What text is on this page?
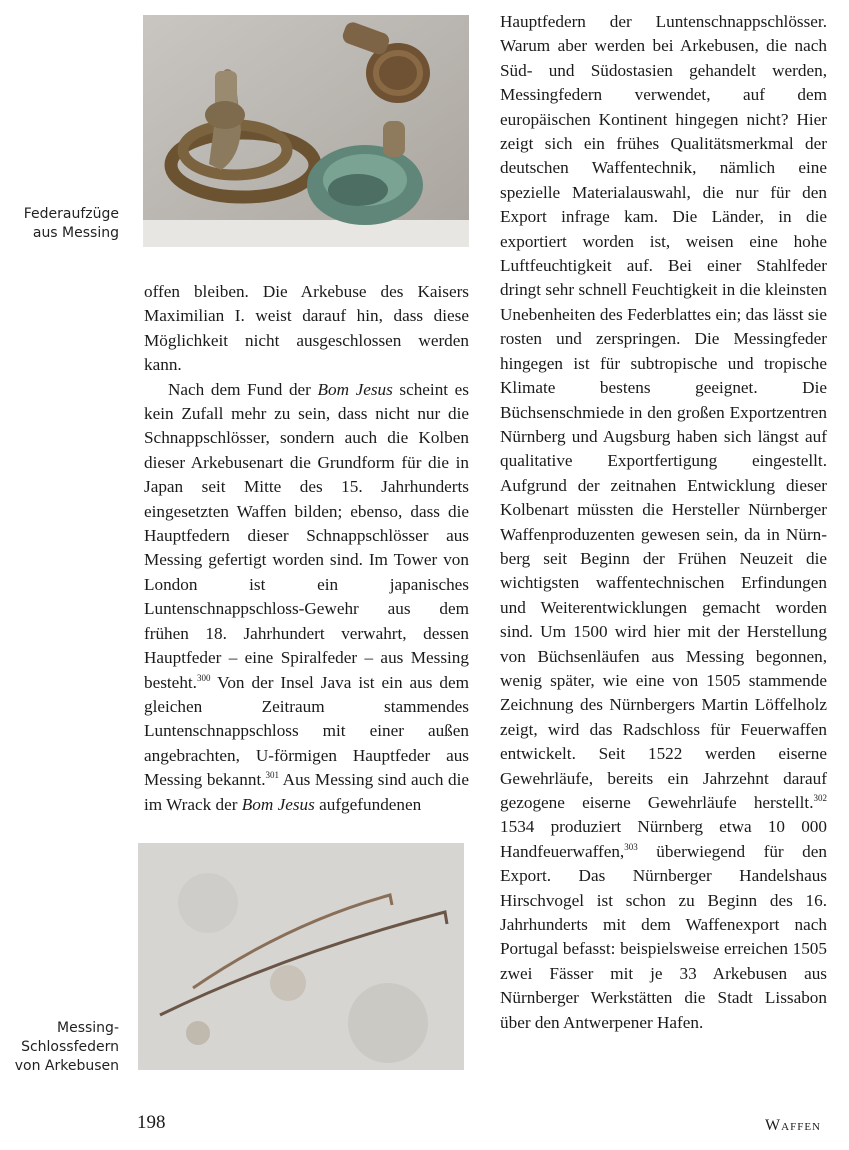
Federaufzüge
aus Messing

offen bleiben. Die Arkebuse des Kaisers Maximilian I. weist darauf hin, dass diese Möglichkeit nicht ausgeschlossen werden kann.

Nach dem Fund der Bom Jesus scheint es kein Zufall mehr zu sein, dass nicht nur die Schnappschlösser, sondern auch die Kolben dieser Arkebusenart die Grundform für die in Japan seit Mitte des 15. Jahrhunderts eingesetzten Waffen bilden; ebenso, dass die Hauptfedern dieser Schnappschlösser aus Messing gefertigt worden sind. Im Tower von London ist ein japanisches Luntenschnappschloss-Gewehr aus dem frühen 18. Jahrhundert verwahrt, dessen Hauptfeder – eine Spiralfeder – aus Messing besteht.$^{300}$ Von der Insel Java ist ein aus dem gleichen Zeitraum stammendes Luntenschnappschloss mit einer außen angebrachten, U-förmigen Hauptfeder aus Messing bekannt.$^{301}$ Aus Messing sind auch die im Wrack der Bom Jesus aufgefundenen

Messing-
Schlossfedern
von Arkebusen

Hauptfedern der Luntenschnappschlösser. Warum aber werden bei Arkebusen, die nach Süd- und Südostasien gehandelt werden, Messingfedern verwendet, auf dem europäischen Kontinent hingegen nicht? Hier zeigt sich ein frühes Qualitätsmerkmal der deutschen Waffentechnik, nämlich eine spezielle Materialauswahl, die nur für den Export infrage kam. Die Länder, in die exportiert worden ist, weisen eine hohe Luftfeuchtigkeit auf. Bei einer Stahlfeder dringt sehr schnell Feuchtigkeit in die kleinsten Unebenheiten des Federblattes ein; das lässt sie rosten und zerspringen. Die Messingfeder hingegen ist für subtropische und tropische Klimate bestens geeignet. Die Büchsenschmiede in den großen Exportzentren Nürnberg und Augsburg haben sich längst auf qualitative Exportfertigung eingestellt. Aufgrund der zeitnahen Entwicklung dieser Kolbenart müssten die Hersteller Nürnberger Waffenproduzenten gewesen sein, da in Nürnberg seit Beginn der Frühen Neuzeit die wichtigsten waffentechnischen Erfindungen und Weiterentwicklungen gemacht worden sind. Um 1500 wird hier mit der Herstellung von Büchsenläufen aus Messing begonnen, wenig später, wie eine von 1505 stammende Zeichnung des Nürnbergers Martin Löffelholz zeigt, wird das Radschloss für Feuerwaffen entwickelt. Seit 1522 werden eiserne Gewehrläufe, bereits ein Jahrzehnt darauf gezogene eiserne Gewehrläufe herstellt.$^{302}$ 1534 produziert Nürnberg etwa 10 000 Handfeuerwaffen,$^{303}$ überwiegend für den Export. Das Nürnberger Handelshaus Hirschvogel ist schon zu Beginn des 16. Jahrhunderts mit dem Waffenexport nach Portugal befasst: beispielsweise erreichen 1505 zwei Fässer mit je 33 Arkebusen aus Nürnberger Werkstätten die Stadt Lissabon über den Antwerpener Hafen.

198	Waffen
